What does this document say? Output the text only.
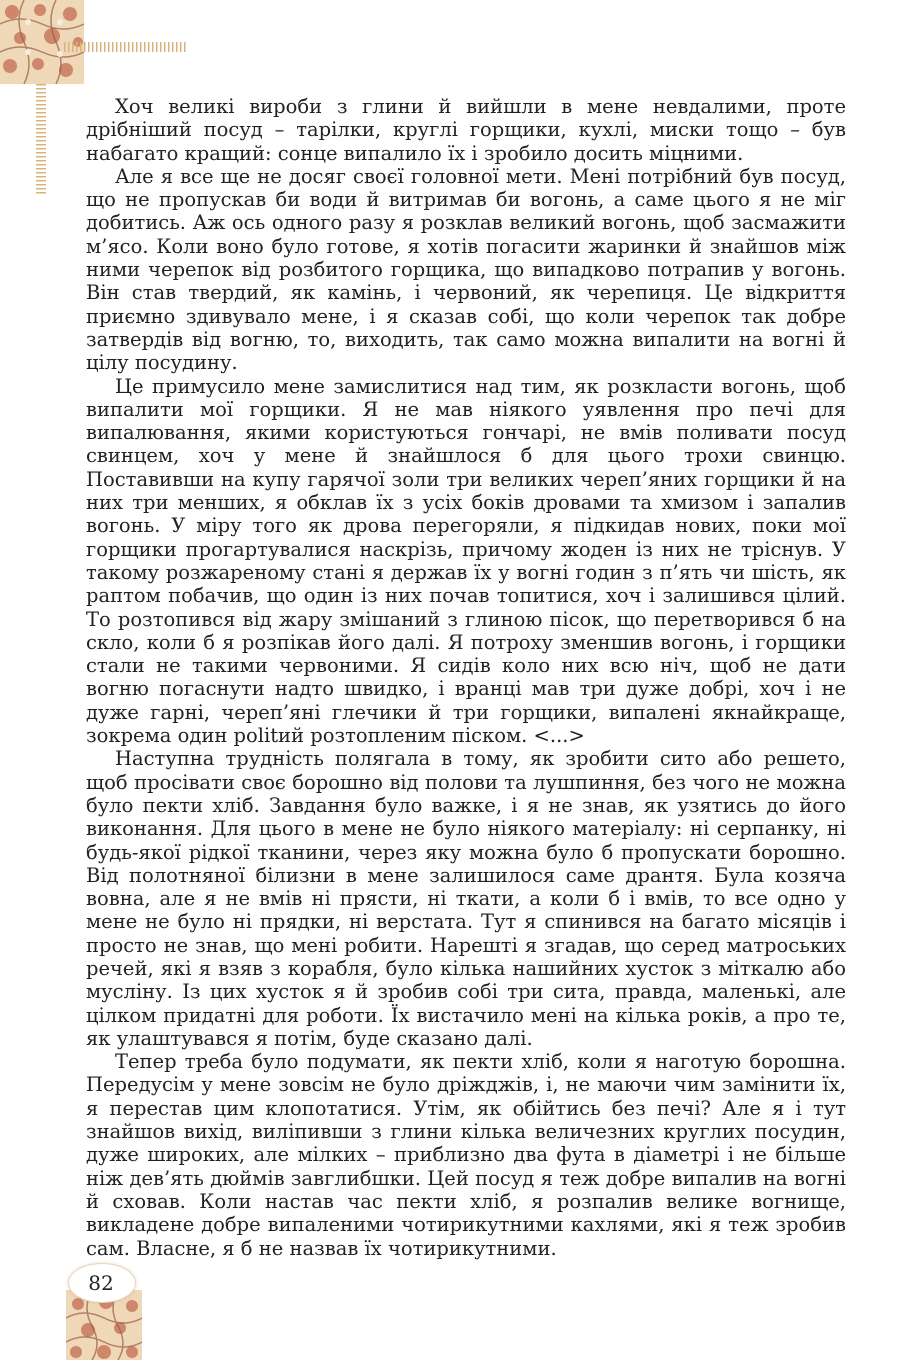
Хоч великі вироби з глини й вийшли в мене невдалими, проте дрібніший посуд – тарілки, круглі горщики, кухлі, миски тощо – був набагато кращий: сонце випалило їх і зробило досить міцними.

Але я все ще не досяг своєї головної мети. Мені потрібний був посуд, що не пропускав би води й витримав би вогонь, а саме цього я не міг добитись. Аж ось одного разу я розклав великий вогонь, щоб засмажити м’ясо. Коли воно було готове, я хотів погасити жаринки й знайшов між ними черепок від розбитого горщика, що випадково потрапив у вогонь. Він став твердий, як камінь, і червоний, як черепиця. Це відкриття приємно здивувало мене, і я сказав собі, що коли черепок так добре затвердів від вогню, то, виходить, так само можна випалити на вогні й цілу посудину.

Це примусило мене замислитися над тим, як розкласти вогонь, щоб випалити мої горщики. Я не мав ніякого уявлення про печі для випалювання, якими користуються гончарі, не вмів поливати посуд свинцем, хоч у мене й знайшлося б для цього трохи свинцю. Поставивши на купу гарячої золи три великих череп’яних горщики й на них три менших, я обклав їх з усіх боків дровами та хмизом і запалив вогонь. У міру того як дрова перегоряли, я підкидав нових, поки мої горщики прогартувалися наскрізь, причому жоден із них не тріснув. У такому розжареному стані я держав їх у вогні годин з п’ять чи шість, як раптом побачив, що один із них почав топитися, хоч і залишився цілий. То розтопився від жару змішаний з глиною пісок, що перетворився б на скло, коли б я розпікав його далі. Я потроху зменшив вогонь, і горщики стали не такими червоними. Я сидів коло них всю ніч, щоб не дати вогню погаснути надто швидко, і вранці мав три дуже добрі, хоч і не дуже гарні, череп’яні глечики й три горщики, випалені якнайкраще, зокрема один politий розтопленим піском. <...>

Наступна трудність полягала в тому, як зробити сито або решето, щоб просівати своє борошно від полови та лушпиння, без чого не можна було пекти хліб. Завдання було важке, і я не знав, як узятись до його виконання. Для цього в мене не було ніякого матеріалу: ні серпанку, ні будь-якої рідкої тканини, через яку можна було б пропускати борошно. Від полотняної білизни в мене залишилося саме дрантя. Була козяча вовна, але я не вмів ні прясти, ні ткати, а коли б і вмів, то все одно у мене не було ні прядки, ні верстата. Тут я спинився на багато місяців і просто не знав, що мені робити. Нарешті я згадав, що серед матроських речей, які я взяв з корабля, було кілька нашийних хусток з міткалю або мусліну. Із цих хусток я й зробив собі три сита, правда, маленькі, але цілком придатні для роботи. Їх вистачило мені на кілька років, а про те, як улаштувався я потім, буде сказано далі.

Тепер треба було подумати, як пекти хліб, коли я наготую борошна. Передусім у мене зовсім не було дріжджів, і, не маючи чим замінити їх, я перестав цим клопотатися. Утім, як обійтись без печі? Але я і тут знайшов вихід, виліпивши з глини кілька величезних круглих посудин, дуже широких, але мілких – приблизно два фута в діаметрі і не більше ніж дев’ять дюймів завглибшки. Цей посуд я теж добре випалив на вогні й сховав. Коли настав час пекти хліб, я розпалив велике вогнище, викладене добре випаленими чотирикутними кахлями, які я теж зробив сам. Власне, я б не назвав їх чотирикутними.

82
